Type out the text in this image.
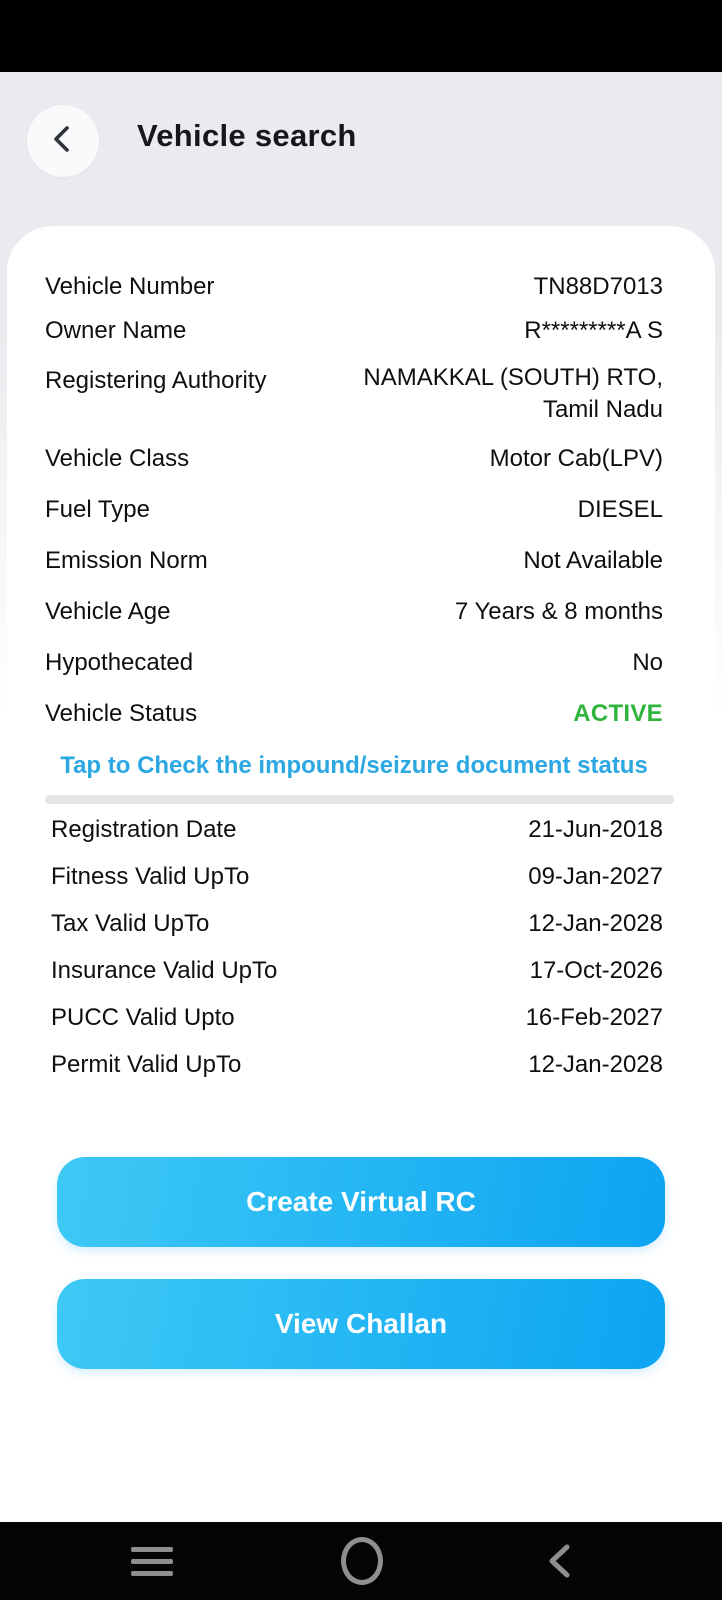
Vehicle search
Vehicle Number	TN88D7013
Owner Name	R*********A S
Registering Authority	NAMAKKAL (SOUTH) RTO,
Tamil Nadu
Vehicle Class	Motor Cab(LPV)
Fuel Type	DIESEL
Emission Norm	Not Available
Vehicle Age	7 Years & 8 months
Hypothecated	No
Vehicle Status	ACTIVE
Tap to Check the impound/seizure document status
Registration Date	21-Jun-2018
Fitness Valid UpTo	09-Jan-2027
Tax Valid UpTo	12-Jan-2028
Insurance Valid UpTo	17-Oct-2026
PUCC Valid Upto	16-Feb-2027
Permit Valid UpTo	12-Jan-2028
Create Virtual RC
View Challan
